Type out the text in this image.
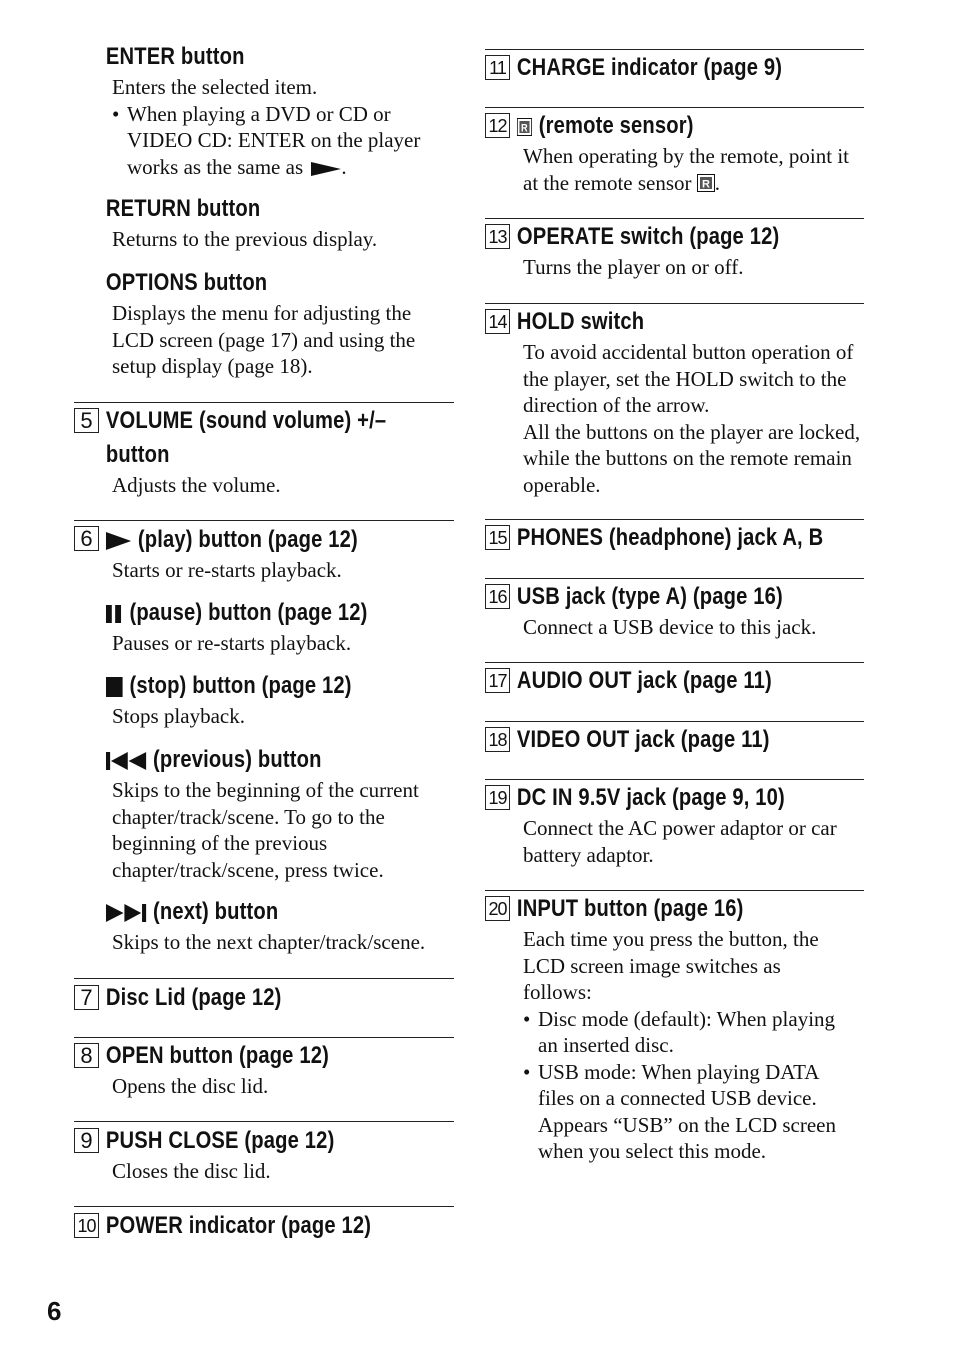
ENTER button
Enters the selected item.
• When playing a DVD or CD or VIDEO CD: ENTER on the player works as the same as .
RETURN button
Returns to the previous display.
OPTIONS button
Displays the menu for adjusting the LCD screen (page 17) and using the setup display (page 18).
5 VOLUME (sound volume) +/– button
Adjusts the volume.
6	(play) button (page 12)
Starts or re-starts playback.
(pause) button (page 12)
Pauses or re-starts playback.
(stop) button (page 12)
Stops playback.
(previous) button
Skips to the beginning of the current chapter/track/scene. To go to the beginning of the previous chapter/track/scene, press twice.
(next) button
Skips to the next chapter/track/scene.
7 Disc Lid (page 12)
8 OPEN button (page 12)
Opens the disc lid.
9 PUSH CLOSE (page 12)
Closes the disc lid.
10 POWER indicator (page 12)
11 CHARGE indicator (page 9)
12	R (remote sensor)
When operating by the remote, point it at the remote sensor R .
13 OPERATE switch (page 12)
Turns the player on or off.
14 HOLD switch
To avoid accidental button operation of the player, set the HOLD switch to the direction of the arrow.
All the buttons on the player are locked, while the buttons on the remote remain operable.
15 PHONES (headphone) jack A, B
16 USB jack (type A) (page 16)
Connect a USB device to this jack.
17 AUDIO OUT jack (page 11)
18 VIDEO OUT jack (page 11)
19 DC IN 9.5V jack (page 9, 10)
Connect the AC power adaptor or car battery adaptor.
20 INPUT button (page 16)
Each time you press the button, the LCD screen image switches as follows:
• Disc mode (default): When playing an inserted disc.
• USB mode: When playing DATA files on a connected USB device. Appears “USB” on the LCD screen when you select this mode.
6
